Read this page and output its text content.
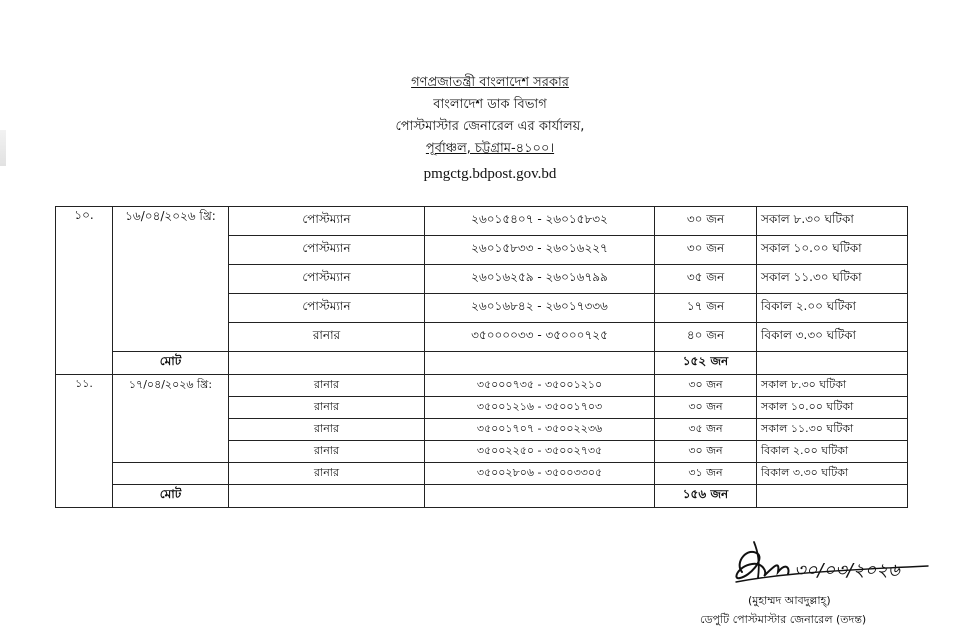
গণপ্রজাতন্ত্রী বাংলাদেশ সরকার
বাংলাদেশ ডাক বিভাগ
পোস্টমাস্টার জেনারেল এর কার্যালয়,
পূর্বাঞ্চল, চট্টগ্রাম-৪১০০।
pmgctg.bdpost.gov.bd
১০.	১৬/০৪/২০২৬ খ্রি:	পোস্টম্যান	২৬০১৫৪০৭ - ২৬০১৫৮৩২	৩০ জন	সকাল ৮.৩০ ঘটিকা
		পোস্টম্যান	২৬০১৫৮৩৩ - ২৬০১৬২২৭	৩০ জন	সকাল ১০.০০ ঘটিকা
		পোস্টম্যান	২৬০১৬২৫৯ - ২৬০১৬৭৯৯	৩৫ জন	সকাল ১১.৩০ ঘটিকা
		পোস্টম্যান	২৬০১৬৮৪২ - ২৬০১৭৩৩৬	১৭ জন	বিকাল ২.০০ ঘটিকা
		রানার	৩৫০০০০৩৩ - ৩৫০০০৭২৫	৪০ জন	বিকাল ৩.৩০ ঘটিকা
	মোট			১৫২ জন	
১১.	১৭/০৪/২০২৬ খ্রি:	রানার	৩৫০০০৭৩৫ - ৩৫০০১২১০	৩০ জন	সকাল ৮.৩০ ঘটিকা
		রানার	৩৫০০১২১৬ - ৩৫০০১৭০৩	৩০ জন	সকাল ১০.০০ ঘটিকা
		রানার	৩৫০০১৭০৭ - ৩৫০০২২৩৬	৩৫ জন	সকাল ১১.৩০ ঘটিকা
		রানার	৩৫০০২২৫০ - ৩৫০০২৭৩৫	৩০ জন	বিকাল ২.০০ ঘটিকা
		রানার	৩৫০০২৮০৬ - ৩৫০০৩৩০৫	৩১ জন	বিকাল ৩.৩০ ঘটিকা
	মোট			১৫৬ জন	
৩০/০৩/২০২৬
(মুহাম্মদ আবদুল্লাহ্)
ডেপুটি পোস্টমাস্টার জেনারেল (তদন্ত)
